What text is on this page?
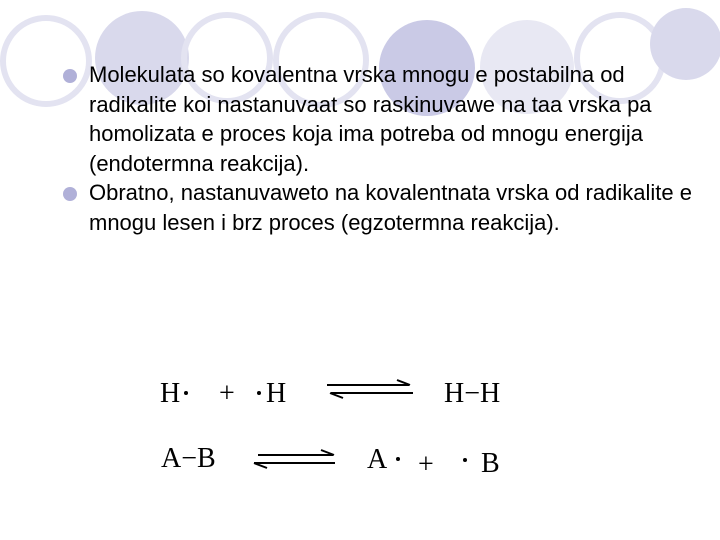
Molekulata so kovalentna vrska mnogu e postabilna od radikalite koi nastanuvaat so raskinuvawe na taa vrska pa homolizata e proces koja ima potreba od mnogu energija (endotermna reakcija).
Obratno, nastanuvaweto na kovalentnata vrska od radikalite e mnogu lesen i brz proces (egzotermna reakcija).
H + H	H−H
A−B	A + B
